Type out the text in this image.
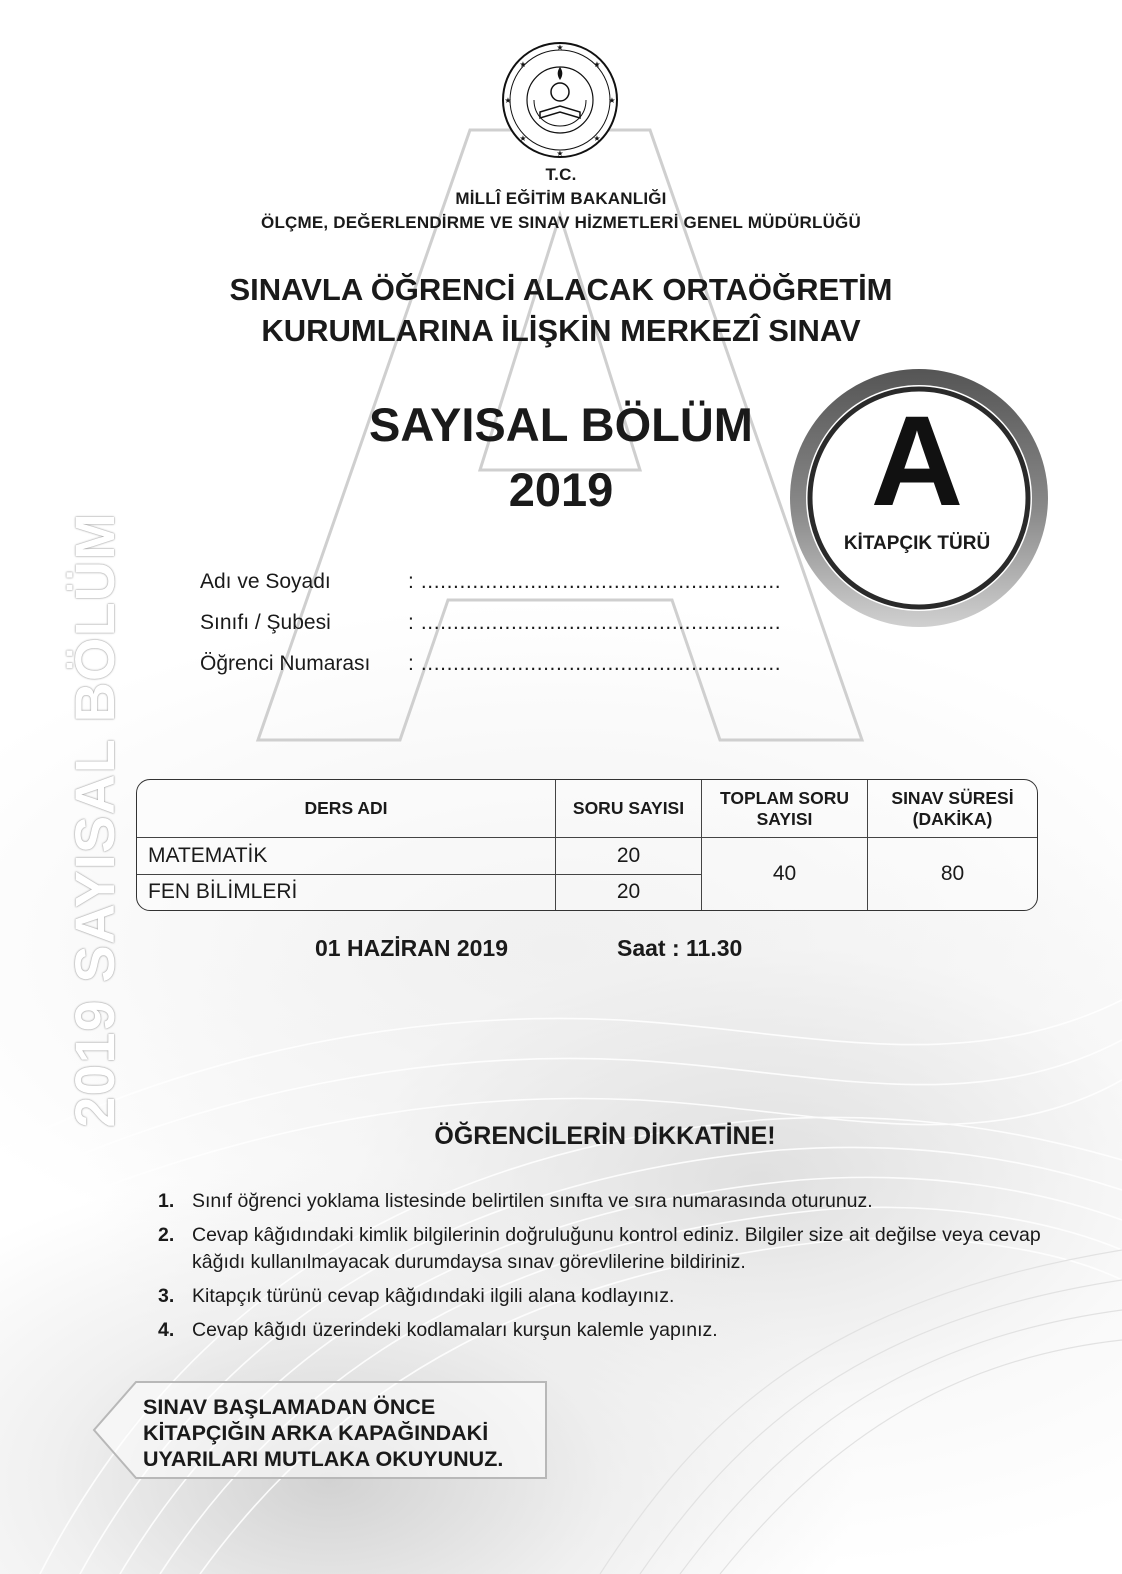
★
★
★	★
★	★
★	★
T.C.
MİLLÎ EĞİTİM BAKANLIĞI
ÖLÇME, DEĞERLENDİRME VE SINAV HİZMETLERİ GENEL MÜDÜRLÜĞÜ
SINAVLA ÖĞRENCİ ALACAK ORTAÖĞRETİM
KURUMLARINA İLİŞKİN MERKEZÎ SINAV
SAYISAL BÖLÜM
2019	A
KİTAPÇIK TÜRÜ
Adı ve Soyadı	: ........................................................
Sınıfı / Şubesi	: ........................................................
Öğrenci Numarası : ........................................................
DERS ADI	SORU SAYISI	TOPLAM SORU SAYISI	SINAV SÜRESİ (DAKİKA)
MATEMATİK	20	40	80
FEN BİLİMLERİ	20		
01 HAZİRAN 2019	Saat : 11.30
ÖĞRENCİLERİN DİKKATİNE!
1. Sınıf öğrenci yoklama listesinde belirtilen sınıfta ve sıra numarasında oturunuz.
2. Cevap kâğıdındaki kimlik bilgilerinin doğruluğunu kontrol ediniz. Bilgiler size ait değilse veya cevap kâğıdı kullanılmayacak durumdaysa sınav görevlilerine bildiriniz.
3. Kitapçık türünü cevap kâğıdındaki ilgili alana kodlayınız.
4. Cevap kâğıdı üzerindeki kodlamaları kurşun kalemle yapınız.
SINAV BAŞLAMADAN ÖNCE
KİTAPÇIĞIN ARKA KAPAĞINDAKİ
UYARILARI MUTLAKA OKUYUNUZ.
2019 SAYISAL BÖLÜM
